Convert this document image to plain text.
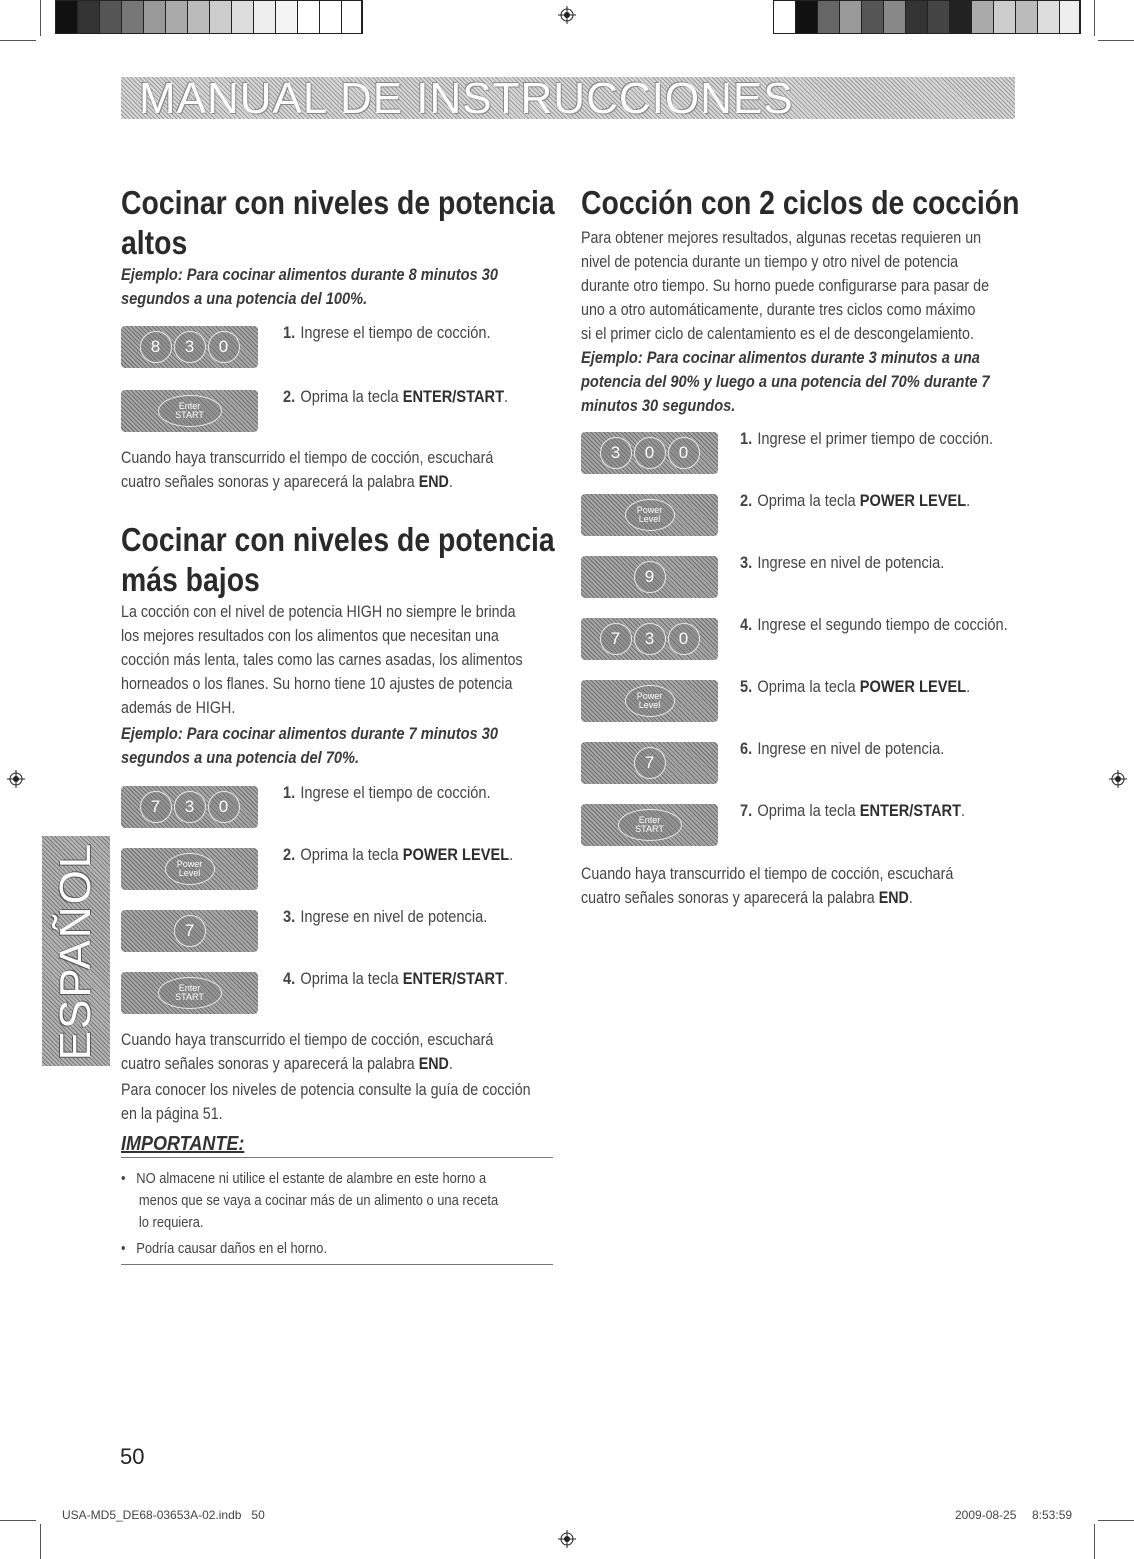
MANUAL DE INSTRUCCIONES
ESPAÑOL
Cocinar con niveles de potencia
altos

Ejemplo: Para cocinar alimentos durante 8 minutos 30
segundos a una potencia del 100%.

8	3	0
1. Ingrese el tiempo de cocción.
Enter
START
2. Oprima la tecla ENTER/START.

Cuando haya transcurrido el tiempo de cocción, escuchará
cuatro señales sonoras y aparecerá la palabra END.

Cocinar con niveles de potencia
más bajos

La cocción con el nivel de potencia HIGH no siempre le brinda
los mejores resultados con los alimentos que necesitan una
cocción más lenta, tales como las carnes asadas, los alimentos
horneados o los flanes. Su horno tiene 10 ajustes de potencia
además de HIGH.

Ejemplo: Para cocinar alimentos durante 7 minutos 30
segundos a una potencia del 70%.

7	3	0
1. Ingrese el tiempo de cocción.
Power
Level
2. Oprima la tecla POWER LEVEL.
7
3. Ingrese en nivel de potencia.
Enter
START
4. Oprima la tecla ENTER/START.

Cuando haya transcurrido el tiempo de cocción, escuchará
cuatro señales sonoras y aparecerá la palabra END.

Para conocer los niveles de potencia consulte la guía de cocción
en la página 51.

IMPORTANTE:

•   NO almacene ni utilice el estante de alambre en este horno a
menos que se vaya a cocinar más de un alimento o una receta
lo requiera.

•   Podría causar daños en el horno.

Cocción con 2 ciclos de cocción

Para obtener mejores resultados, algunas recetas requieren un
nivel de potencia durante un tiempo y otro nivel de potencia
durante otro tiempo. Su horno puede configurarse para pasar de
uno a otro automáticamente, durante tres ciclos como máximo
si el primer ciclo de calentamiento es el de descongelamiento.

Ejemplo: Para cocinar alimentos durante 3 minutos a una
potencia del 90% y luego a una potencia del 70% durante 7
minutos 30 segundos.

3	0	0
1. Ingrese el primer tiempo de cocción.
Power
Level
2. Oprima la tecla POWER LEVEL.
9
3. Ingrese en nivel de potencia.
7	3	0
4. Ingrese el segundo tiempo de cocción.
Power
Level
5. Oprima la tecla POWER LEVEL.
7
6. Ingrese en nivel de potencia.
Enter
START
7. Oprima la tecla ENTER/START.

Cuando haya transcurrido el tiempo de cocción, escuchará
cuatro señales sonoras y aparecerá la palabra END.

50
USA-MD5_DE68-03653A-02.indb   50	2009-08-25 8:53:59
